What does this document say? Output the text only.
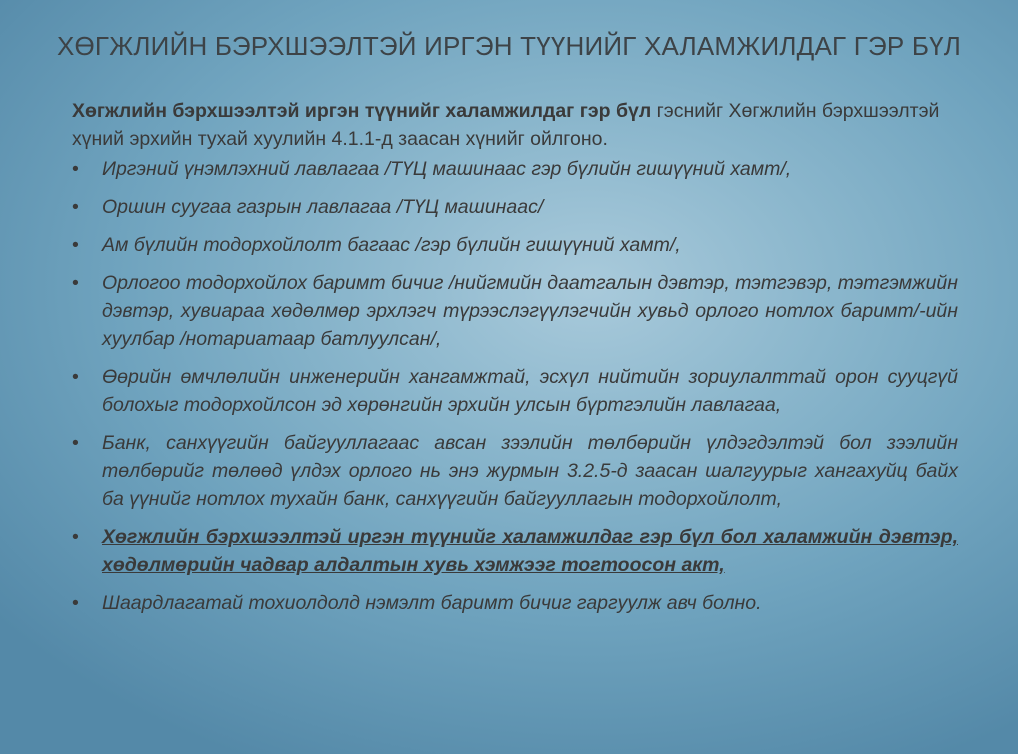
ХӨГЖЛИЙН БЭРХШЭЭЛТЭЙ ИРГЭН ТҮҮНИЙГ ХАЛАМЖИЛДАГ ГЭР БҮЛ

Хөгжлийн бэрхшээлтэй иргэн түүнийг халамжилдаг гэр бүл гэснийг Хөгжлийн бэрхшээлтэй хүний эрхийн тухай хуулийн 4.1.1-д заасан хүнийг ойлгоно.

• Иргэний үнэмлэхний лавлагаа /ТҮЦ машинаас гэр бүлийн гишүүний хамт/,
• Оршин суугаа газрын лавлагаа /ТҮЦ машинаас/
• Ам бүлийн тодорхойлолт багаас /гэр бүлийн гишүүний хамт/,
• Орлогоо тодорхойлох баримт бичиг /нийгмийн даатгалын дэвтэр, тэтгэвэр, тэтгэмжийн дэвтэр, хувиараа хөдөлмөр эрхлэгч түрээслэгүүлэгчийн хувьд орлого нотлох баримт/-ийн хуулбар /нотариатаар батлуулсан/,
• Өөрийн өмчлөлийн инженерийн хангамжтай, эсхүл нийтийн зориулалттай орон сууцгүй болохыг тодорхойлсон эд хөрөнгийн эрхийн улсын бүртгэлийн лавлагаа,
• Банк, санхүүгийн байгууллагаас авсан зээлийн төлбөрийн үлдэгдэлтэй бол зээлийн төлбөрийг төлөөд үлдэх орлого нь энэ журмын 3.2.5-д заасан шалгуурыг хангахуйц байх ба үүнийг нотлох тухайн банк, санхүүгийн байгууллагын тодорхойлолт,
• Хөгжлийн бэрхшээлтэй иргэн түүнийг халамжилдаг гэр бүл бол халамжийн дэвтэр, хөдөлмөрийн чадвар алдалтын хувь хэмжээг тогтоосон акт,
• Шаардлагатай тохиолдолд нэмэлт баримт бичиг гаргуулж авч болно.
